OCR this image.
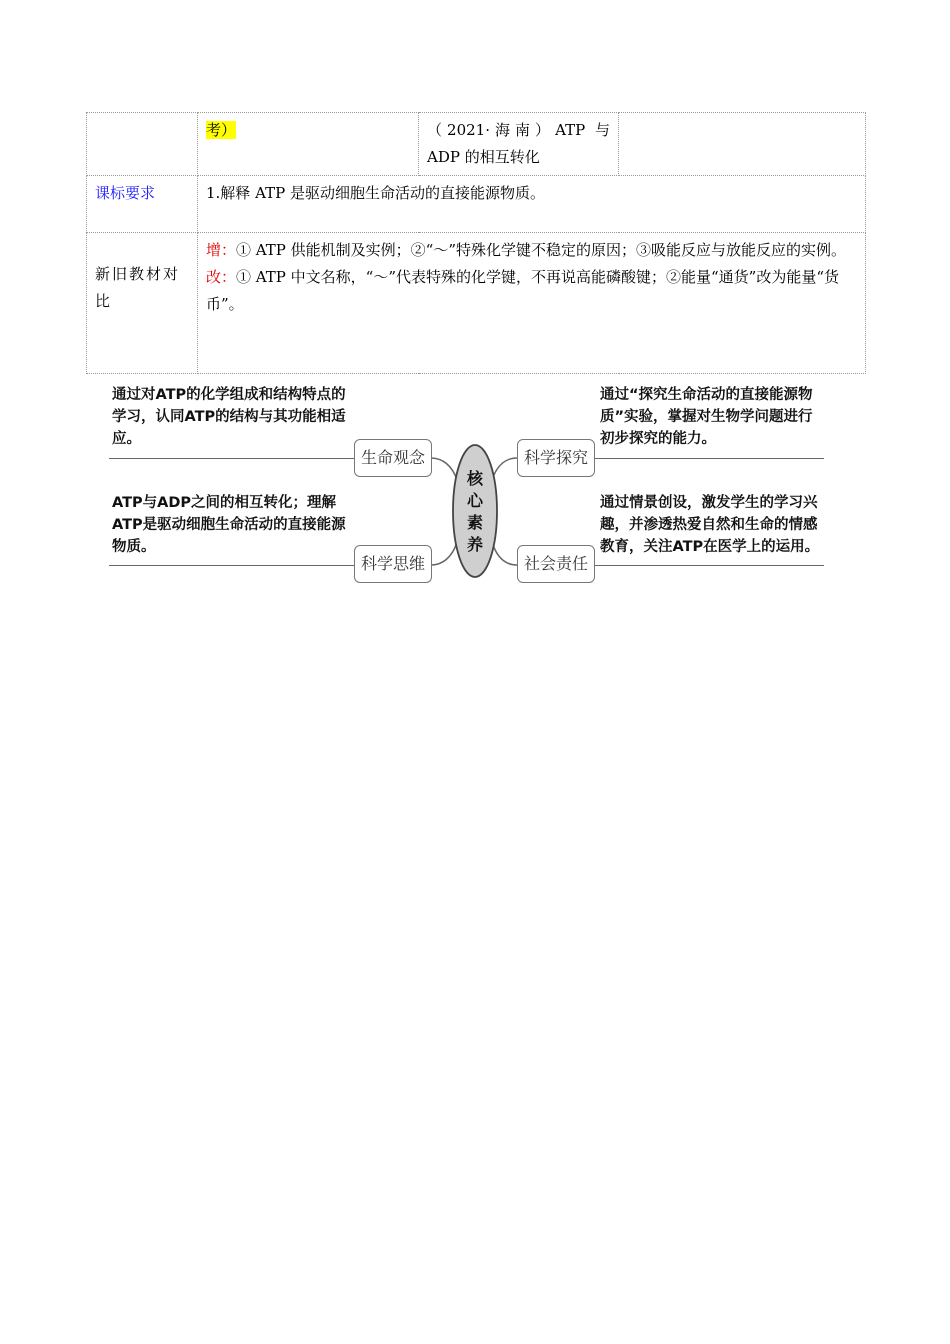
	考）	（2021·海南）ATP 与 ADP 的相互转化	
课标要求	1.解释 ATP 是驱动细胞生命活动的直接能源物质。		
新旧教材对比	增：① ATP 供能机制及实例；②“～”特殊化学键不稳定的原因；③吸能反应与放能反应的实例。
改：① ATP 中文名称，“～”代表特殊的化学键，不再说高能磷酸键；②能量“通货”改为能量“货币”。		
核心素养
通过对ATP的化学组成和结构特点的学习，认同ATP的结构与其功能相适应。
生命观念
ATP与ADP之间的相互转化；理解ATP是驱动细胞生命活动的直接能源物质。
科学思维
科学探究
通过“探究生命活动的直接能源物质”实验，掌握对生物学问题进行初步探究的能力。
社会责任
通过情景创设，激发学生的学习兴趣，并渗透热爱自然和生命的情感教育，关注ATP在医学上的运用。
